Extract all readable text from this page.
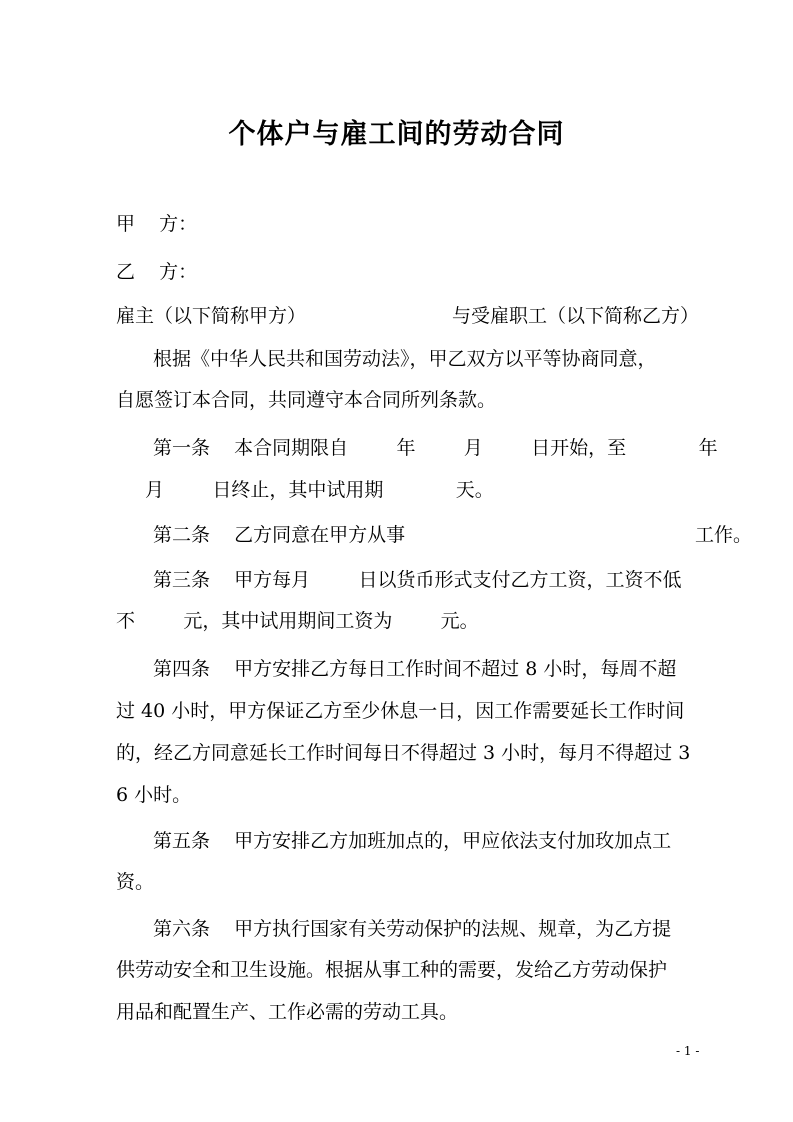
个体户与雇工间的劳动合同
甲    方：
乙    方：
雇主（以下简称甲方）	与受雇职工（以下简称乙方）
根据《中华人民共和国劳动法》，甲乙双方以平等协商同意，
自愿签订本合同，共同遵守本合同所列条款。
第一条    本合同期限自        年        月        日开始，至            年
月        日终止，其中试用期            天。
第二条    乙方同意在甲方从事                                                工作。
第三条    甲方每月        日以货币形式支付乙方工资，工资不低
不        元，其中试用期间工资为        元。
第四条    甲方安排乙方每日工作时间不超过 8 小时，每周不超
过 40 小时，甲方保证乙方至少休息一日，因工作需要延长工作时间
的，经乙方同意延长工作时间每日不得超过 3 小时，每月不得超过 3
6 小时。
第五条    甲方安排乙方加班加点的，甲应依法支付加玫加点工
资。
第六条    甲方执行国家有关劳动保护的法规、规章，为乙方提
供劳动安全和卫生设施。根据从事工种的需要，发给乙方劳动保护
用品和配置生产、工作必需的劳动工具。
- 1 -
